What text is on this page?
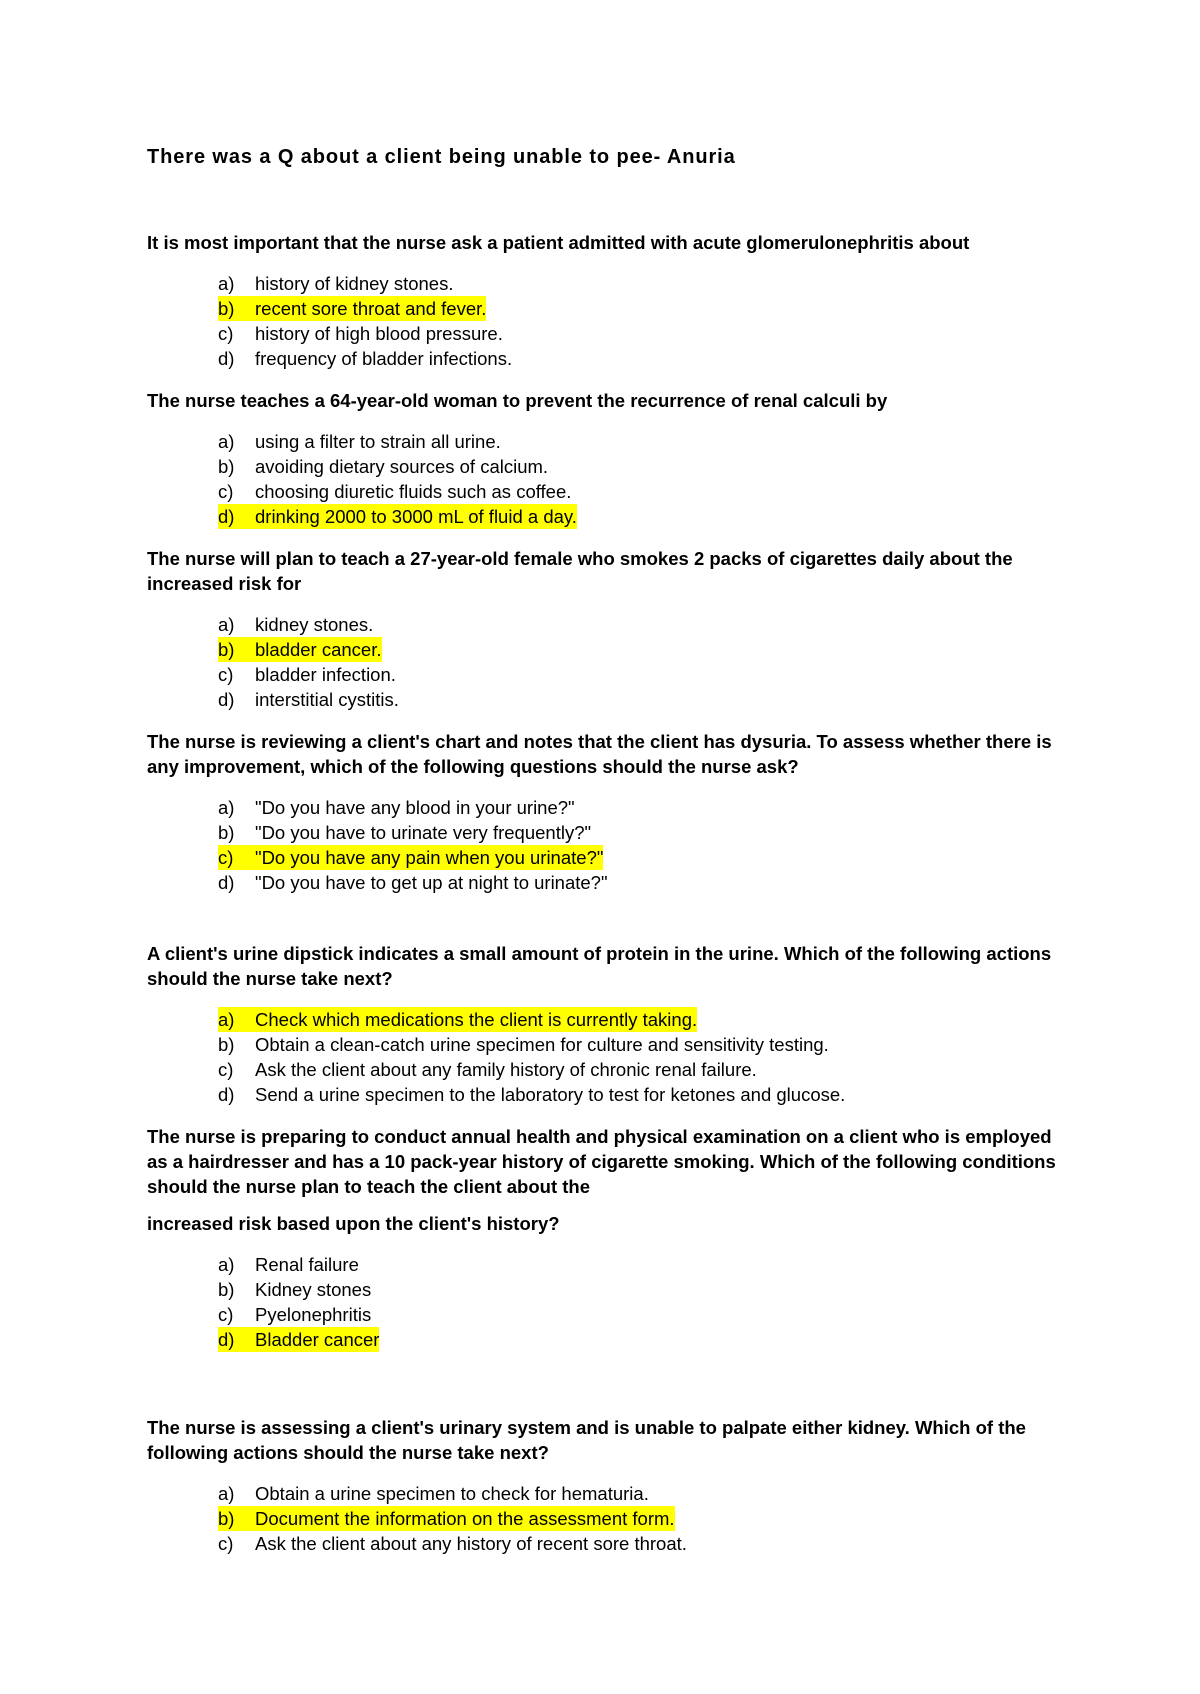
There was a Q about a client being unable to pee- Anuria
It is most important that the nurse ask a patient admitted with acute glomerulonephritis about
a)	history of kidney stones.
b)	recent sore throat and fever.
c)	history of high blood pressure.
d)	frequency of bladder infections.
The nurse teaches a 64-year-old woman to prevent the recurrence of renal calculi by
a)	using a filter to strain all urine.
b)	avoiding dietary sources of calcium.
c)	choosing diuretic fluids such as coffee.
d)	drinking 2000 to 3000 mL of fluid a day.
The nurse will plan to teach a 27-year-old female who smokes 2 packs of cigarettes daily about the increased risk for
a)	kidney stones.
b)	bladder cancer.
c)	bladder infection.
d)	interstitial cystitis.
The nurse is reviewing a client's chart and notes that the client has dysuria. To assess whether there is any improvement, which of the following questions should the nurse ask?
a)	"Do you have any blood in your urine?"
b)	"Do you have to urinate very frequently?"
c)	"Do you have any pain when you urinate?"
d)	"Do you have to get up at night to urinate?"
A client's urine dipstick indicates a small amount of protein in the urine. Which of the following actions should the nurse take next?
a)	Check which medications the client is currently taking.
b)	Obtain a clean-catch urine specimen for culture and sensitivity testing.
c)	Ask the client about any family history of chronic renal failure.
d)	Send a urine specimen to the laboratory to test for ketones and glucose.
The nurse is preparing to conduct annual health and physical examination on a client who is employed as a hairdresser and has a 10 pack-year history of cigarette smoking. Which of the following conditions should the nurse plan to teach the client about the
increased risk based upon the client's history?
a)	Renal failure
b)	Kidney stones
c)	Pyelonephritis
d)	Bladder cancer
The nurse is assessing a client's urinary system and is unable to palpate either kidney. Which of the following actions should the nurse take next?
a)	Obtain a urine specimen to check for hematuria.
b)	Document the information on the assessment form.
c)	Ask the client about any history of recent sore throat.
